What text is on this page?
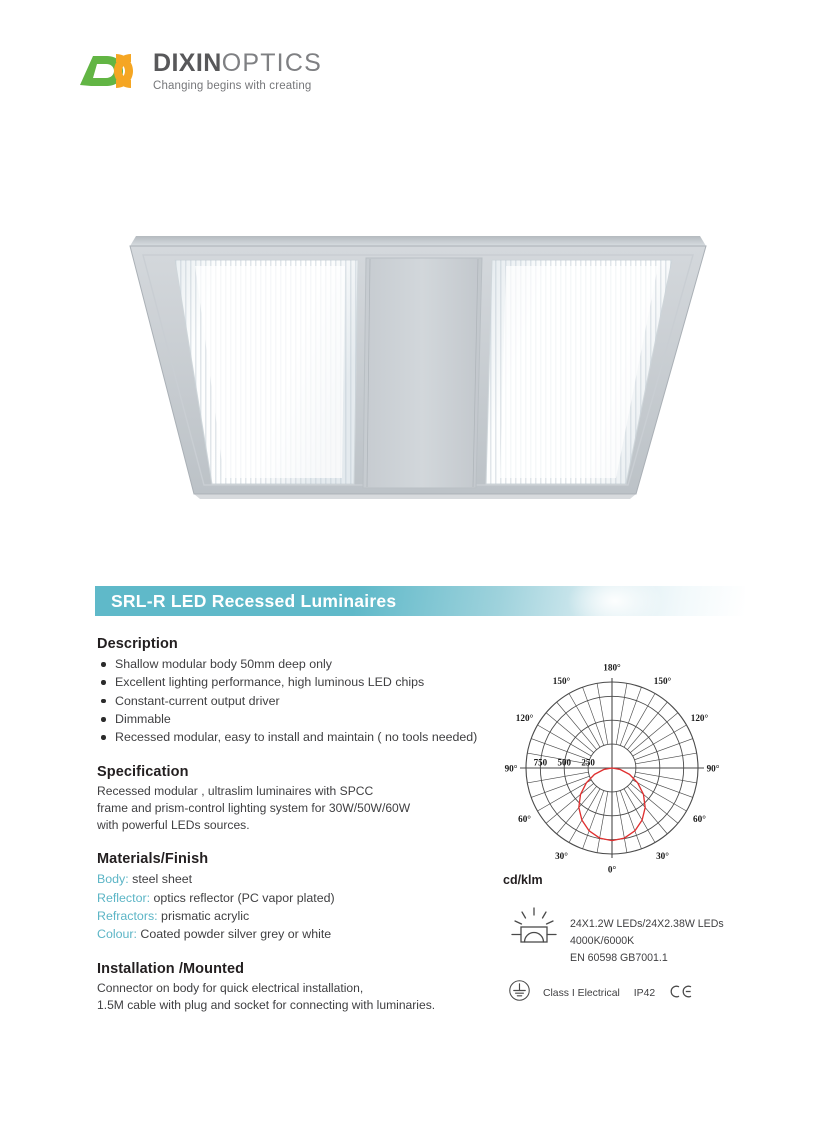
DIXINOPTICS
Changing begins with creating
SRL-R LED Recessed Luminaires
Description
Shallow modular body 50mm deep only
Excellent lighting performance, high luminous LED chips
Constant-current output driver
Dimmable
Recessed modular, easy to install and maintain ( no tools needed)
Specification

Recessed modular , ultraslim luminaires with SPCC

frame and prism-control lighting system for 30W/50W/60W

with powerful LEDs sources.

Materials/Finish
Body: steel sheet
Reflector: optics reflector (PC vapor plated)
Refractors: prismatic acrylic
Colour: Coated powder silver grey or white
Installation /Mounted

Connector on body for quick electrical installation,

1.5M cable with plug and socket for connecting with luminaries.

0°
30°
30°
60°
60°
90°
90°
120°
120°
150°
150°
180°
250
500
750
cd/klm
24X1.2W LEDs/24X2.38W LEDs
4000K/6000K
EN 60598 GB7001.1
Class I Electrical IP42
